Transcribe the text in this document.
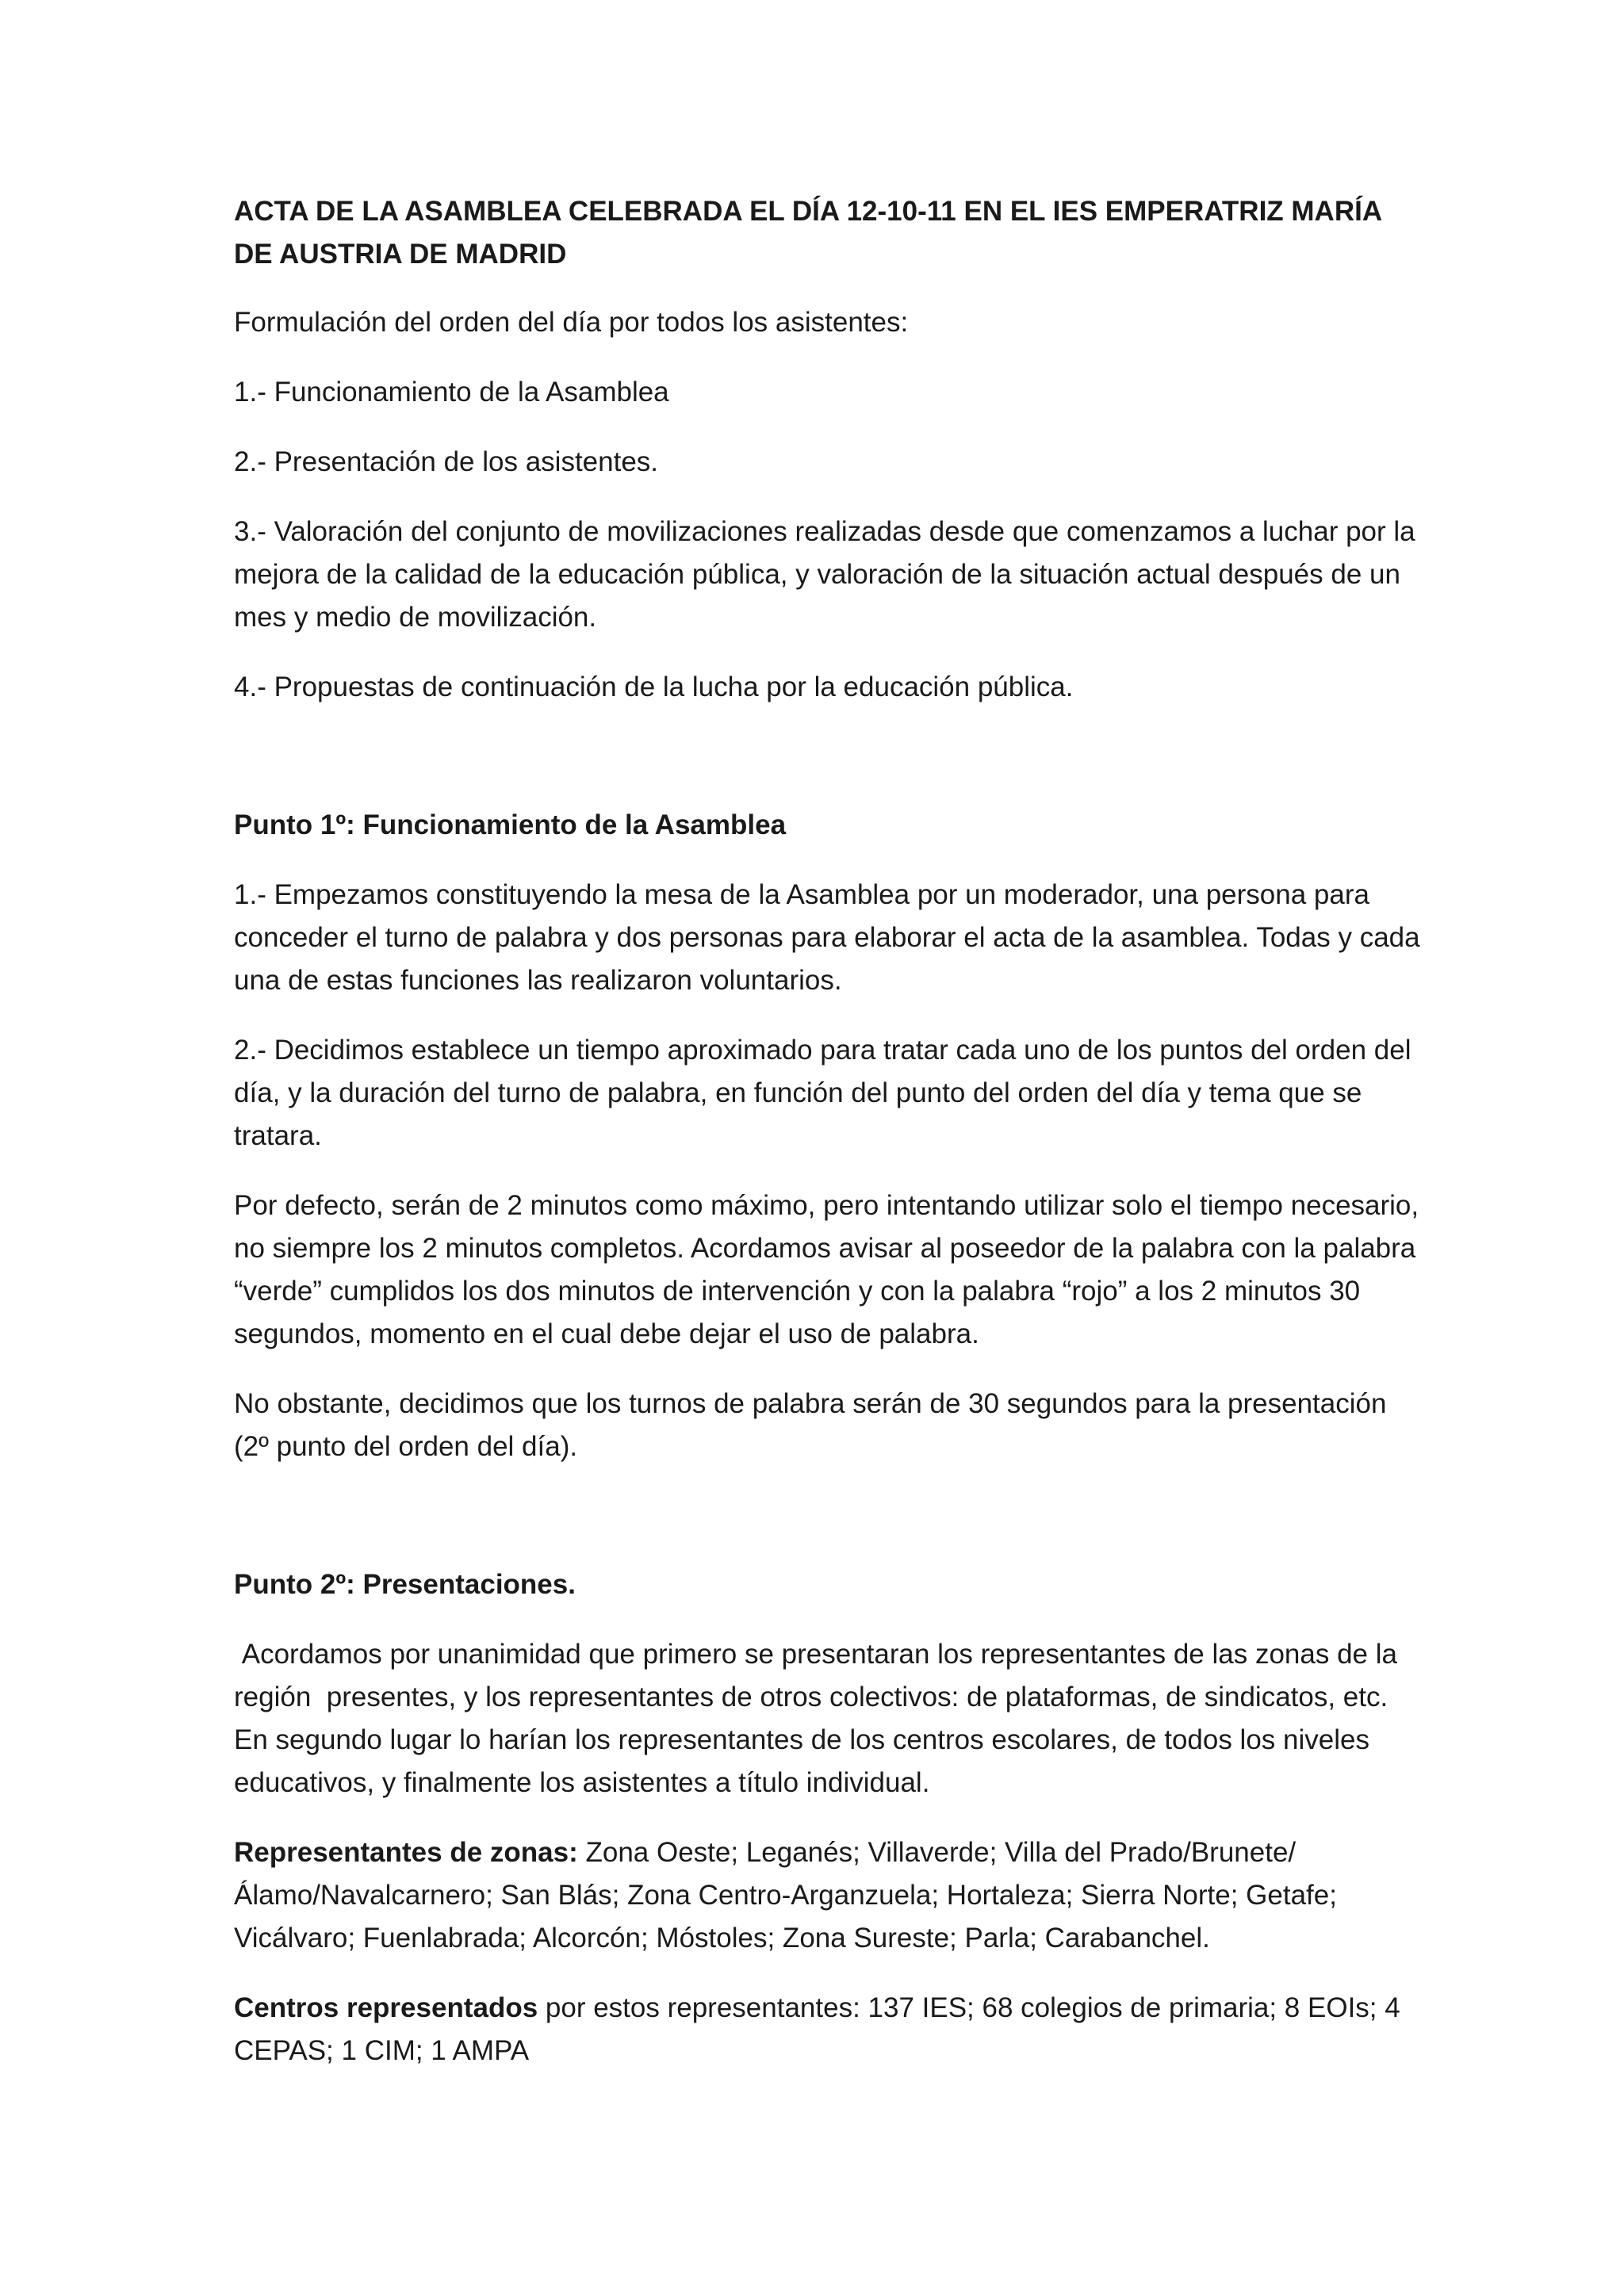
ACTA DE LA ASAMBLEA CELEBRADA EL DÍA 12-10-11 EN EL IES EMPERATRIZ MARÍA DE AUSTRIA DE MADRID

Formulación del orden del día por todos los asistentes:

1.- Funcionamiento de la Asamblea

2.- Presentación de los asistentes.

3.- Valoración del conjunto de movilizaciones realizadas desde que comenzamos a luchar por la mejora de la calidad de la educación pública, y valoración de la situación actual después de un mes y medio de movilización.

4.- Propuestas de continuación de la lucha por la educación pública.

Punto 1º: Funcionamiento de la Asamblea

1.- Empezamos constituyendo la mesa de la Asamblea por un moderador, una persona para conceder el turno de palabra y dos personas para elaborar el acta de la asamblea. Todas y cada una de estas funciones las realizaron voluntarios.

2.- Decidimos establece un tiempo aproximado para tratar cada uno de los puntos del orden del día, y la duración del turno de palabra, en función del punto del orden del día y tema que se tratara.

Por defecto, serán de 2 minutos como máximo, pero intentando utilizar solo el tiempo necesario, no siempre los 2 minutos completos. Acordamos avisar al poseedor de la palabra con la palabra “verde” cumplidos los dos minutos de intervención y con la palabra “rojo” a los 2 minutos 30 segundos, momento en el cual debe dejar el uso de palabra.

No obstante, decidimos que los turnos de palabra serán de 30 segundos para la presentación (2º punto del orden del día).

Punto 2º: Presentaciones.

Acordamos por unanimidad que primero se presentaran los representantes de las zonas de la región  presentes, y los representantes de otros colectivos: de plataformas, de sindicatos, etc. En segundo lugar lo harían los representantes de los centros escolares, de todos los niveles educativos, y finalmente los asistentes a título individual.

Representantes de zonas: Zona Oeste; Leganés; Villaverde; Villa del Prado/Brunete/Álamo/Navalcarnero; San Blás; Zona Centro-Arganzuela; Hortaleza; Sierra Norte; Getafe; Vicálvaro; Fuenlabrada; Alcorcón; Móstoles; Zona Sureste; Parla; Carabanchel.

Centros representados por estos representantes: 137 IES; 68 colegios de primaria; 8 EOIs; 4 CEPAS; 1 CIM; 1 AMPA
